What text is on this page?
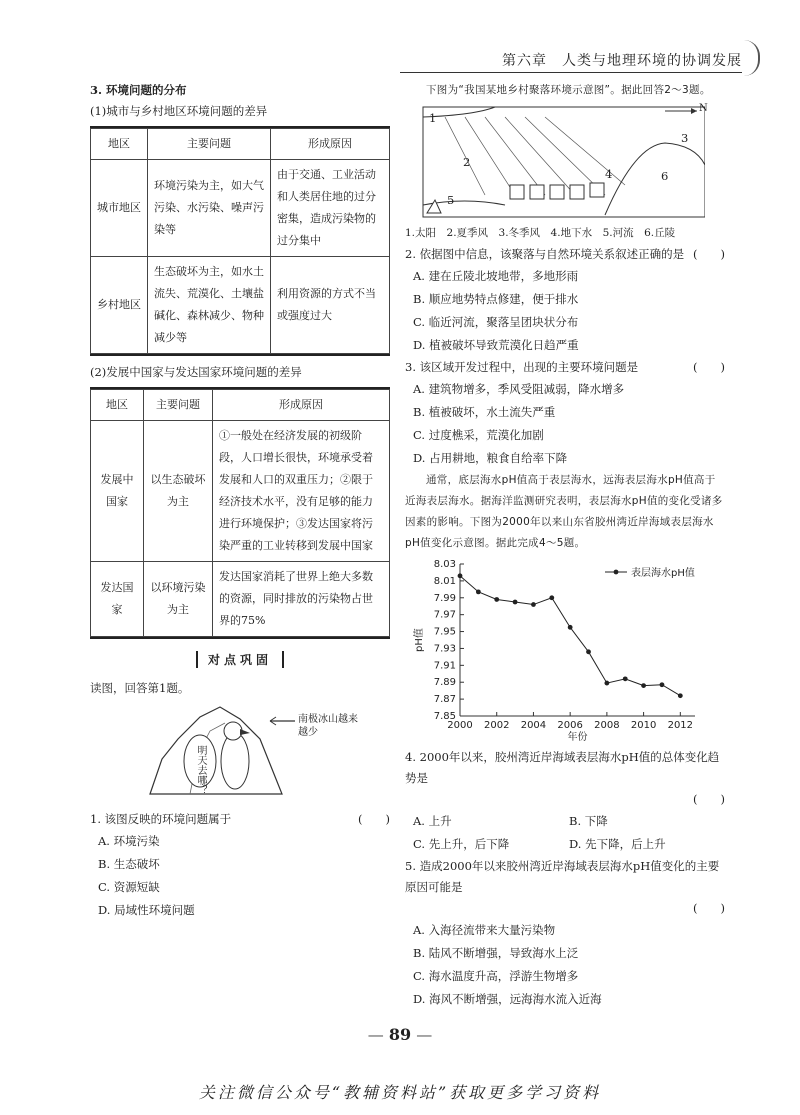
第六章　人类与地理环境的协调发展
3. 环境问题的分布
(1)城市与乡村地区环境问题的差异
地区	主要问题	形成原因
城市地区	环境污染为主，如大气污染、水污染、噪声污染等	由于交通、工业活动和人类居住地的过分密集，造成污染物的过分集中
乡村地区	生态破坏为主，如水土流失、荒漠化、土壤盐碱化、森林减少、物种减少等	利用资源的方式不当或强度过大
(2)发展中国家与发达国家环境问题的差异
地区	主要问题	形成原因
发展中国家	以生态破坏为主	①一般处在经济发展的初级阶段，人口增长很快，环境承受着发展和人口的双重压力；②限于经济技术水平，没有足够的能力进行环境保护；③发达国家将污染严重的工业转移到发展中国家
发达国家	以环境污染为主	发达国家消耗了世界上绝大多数的资源，同时排放的污染物占世界的75%
对点巩固
读图，回答第1题。
南极冰山越来越少
明天去哪？
1. 该图反映的环境问题属于	(　　)
A. 环境污染
B. 生态破坏
C. 资源短缺
D. 局域性环境问题
下图为“我国某地乡村聚落环境示意图”。据此回答2～3题。
1
2
3
4
5
6
N
1.太阳　2.夏季风　3.冬季风　4.地下水　5.河流　6.丘陵
2. 依据图中信息，该聚落与自然环境关系叙述正确的是 (　　)
A. 建在丘陵北坡地带，多地形雨
B. 顺应地势特点修建，便于排水
C. 临近河流，聚落呈团块状分布
D. 植被破坏导致荒漠化日趋严重
3. 该区域开发过程中，出现的主要环境问题是	(　　)
A. 建筑物增多，季风受阻减弱，降水增多
B. 植被破坏，水土流失严重
C. 过度樵采，荒漠化加剧
D. 占用耕地，粮食自给率下降
通常，底层海水pH值高于表层海水，远海表层海水pH值高于近海表层海水。据海洋监测研究表明，表层海水pH值的变化受诸多因素的影响。下图为2000年以来山东省胶州湾近岸海域表层海水pH值变化示意图。据此完成4～5题。
7.85
7.87
7.89
7.91
7.93
7.95
7.97
7.99
8.01
8.03
2000 2002 2004 2006 2008 2010 2012
年份
pH值
表层海水pH值
4. 2000年以来，胶州湾近岸海域表层海水pH值的总体变化趋势是
(　　)
A. 上升	B. 下降
C. 先上升，后下降	D. 先下降，后上升
5. 造成2000年以来胶州湾近岸海域表层海水pH值变化的主要原因可能是
(　　)
A. 入海径流带来大量污染物
B. 陆风不断增强，导致海水上泛
C. 海水温度升高，浮游生物增多
D. 海风不断增强，远海海水流入近海
— 89 —
关注微信公众号“教辅资料站”获取更多学习资料
